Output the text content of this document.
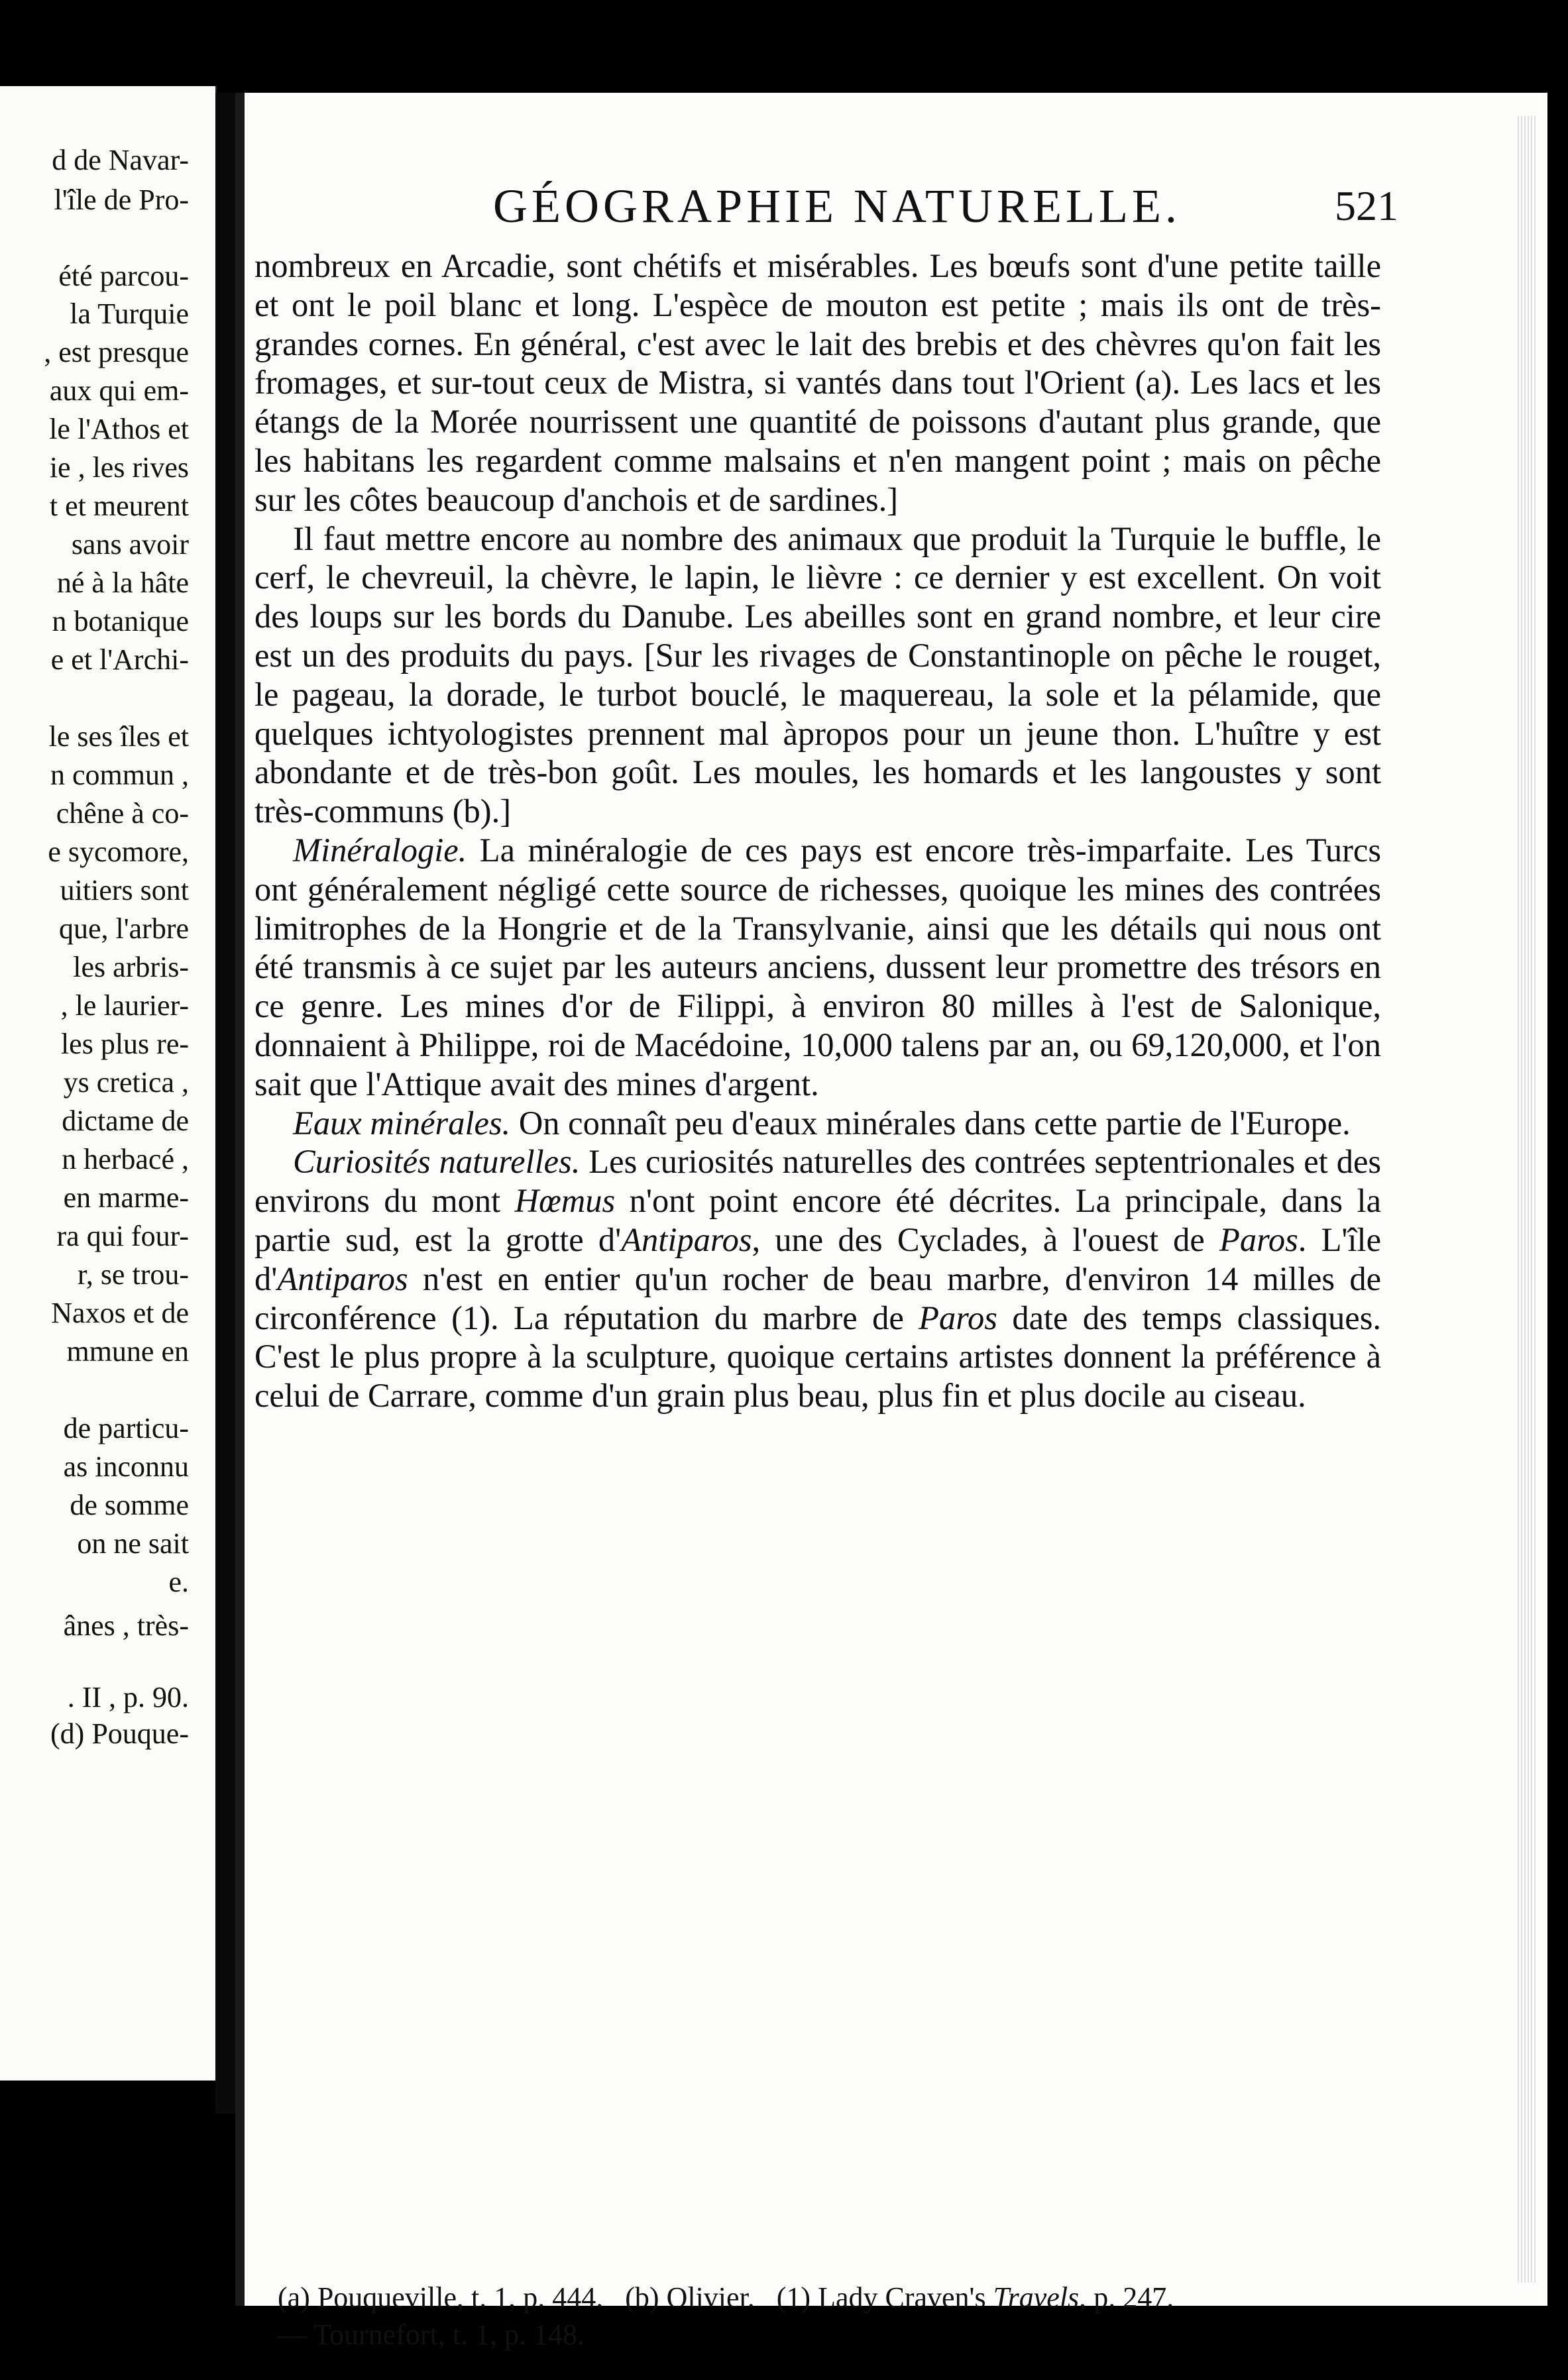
d de Navar-
l'île de Pro-
été parcou-
la Turquie
, est presque
aux qui em-
le l'Athos et
ie , les rives
t et meurent
sans avoir
né à la hâte
n botanique
e et l'Archi-
le ses îles et
n commun ,
chêne à co-
e sycomore,
uitiers sont
que, l'arbre
les arbris-
, le laurier-
les plus re-
ys cretica ,
dictame de
n herbacé ,
en marme-
ra qui four-
r, se trou-
Naxos et de
mmune en
de particu-
as inconnu
de somme
on ne sait
e.
ânes , très-
. II , p. 90.
(d) Pouque-
GÉOGRAPHIE NATURELLE.	521

nombreux en Arcadie, sont chétifs et misérables. Les bœufs sont d'une petite taille et ont le poil blanc et long. L'espèce de mouton est petite ; mais ils ont de très-grandes cornes. En général, c'est avec le lait des brebis et des chèvres qu'on fait les fromages, et sur-tout ceux de Mistra, si vantés dans tout l'Orient (a). Les lacs et les étangs de la Morée nourrissent une quantité de poissons d'autant plus grande, que les habitans les regardent comme malsains et n'en mangent point ; mais on pêche sur les côtes beaucoup d'anchois et de sardines.]

Il faut mettre encore au nombre des animaux que produit la Turquie le buffle, le cerf, le chevreuil, la chèvre, le lapin, le lièvre : ce dernier y est excellent. On voit des loups sur les bords du Danube. Les abeilles sont en grand nombre, et leur cire est un des produits du pays. [Sur les rivages de Constantinople on pêche le rouget, le pageau, la dorade, le turbot bouclé, le maquereau, la sole et la pélamide, que quelques ichtyologistes prennent mal àpropos pour un jeune thon. L'huître y est abondante et de très-bon goût. Les moules, les homards et les langoustes y sont très-communs (b).]

Minéralogie. La minéralogie de ces pays est encore très-imparfaite. Les Turcs ont généralement négligé cette source de richesses, quoique les mines des contrées limitrophes de la Hongrie et de la Transylvanie, ainsi que les détails qui nous ont été transmis à ce sujet par les auteurs anciens, dussent leur promettre des trésors en ce genre. Les mines d'or de Filippi, à environ 80 milles à l'est de Salonique, donnaient à Philippe, roi de Macédoine, 10,000 talens par an, ou 69,120,000, et l'on sait que l'Attique avait des mines d'argent.

Eaux minérales. On connaît peu d'eaux minérales dans cette partie de l'Europe.

Curiosités naturelles. Les curiosités naturelles des contrées septentrionales et des environs du mont Hœmus n'ont point encore été décrites. La principale, dans la partie sud, est la grotte d'Antiparos, une des Cyclades, à l'ouest de Paros. L'île d'Antiparos n'est en entier qu'un rocher de beau marbre, d'environ 14 milles de circonférence (1). La réputation du marbre de Paros date des temps classiques. C'est le plus propre à la sculpture, quoique certains artistes donnent la préférence à celui de Carrare, comme d'un grain plus beau, plus fin et plus docile au ciseau.

(a) Pouqueville, t. 1, p. 444. (b) Olivier. (1) Lady Craven's Travels, p. 247.

— Tournefort, t. 1, p. 148.
